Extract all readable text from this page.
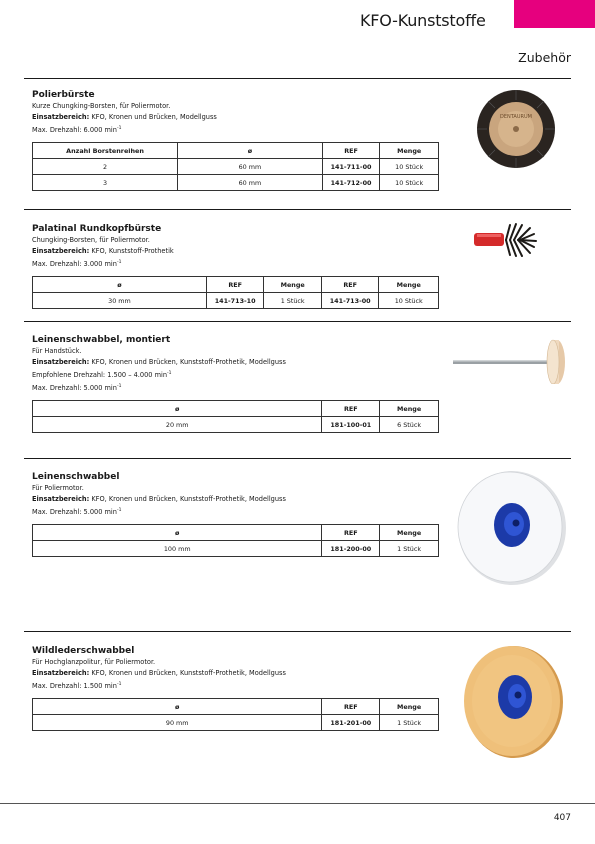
KFO-Kunststoffe
Zubehör
Polierbürste
Kurze Chungking-Borsten, für Poliermotor.
Einsatzbereich: KFO, Kronen und Brücken, Modellguss
Max. Drehzahl: 6.000 $\min^{-1}$
Anzahl Borstenreihen	ø	REF	Menge
2	60 mm	141-711-00	10 Stück
3	60 mm	141-712-00	10 Stück
DENTAURUM
Palatinal Rundkopfbürste
Chungking-Borsten, für Poliermotor.
Einsatzbereich: KFO, Kunststoff-Prothetik
Max. Drehzahl: 3.000 $\min^{-1}$
ø	REF	Menge	REF	Menge
30 mm	141-713-10	1 Stück	141-713-00	10 Stück
Leinenschwabbel, montiert
Für Handstück.
Einsatzbereich: KFO, Kronen und Brücken, Kunststoff-Prothetik, Modellguss
Empfohlene Drehzahl: 1.500 – 4.000 $\min^{-1}$
Max. Drehzahl: 5.000 $\min^{-1}$
ø	REF	Menge
20 mm	181-100-01	6 Stück
Leinenschwabbel
Für Poliermotor.
Einsatzbereich: KFO, Kronen und Brücken, Kunststoff-Prothetik, Modellguss
Max. Drehzahl: 5.000 $\min^{-1}$
ø	REF	Menge
100 mm	181-200-00	1 Stück
Wildlederschwabbel
Für Hochglanzpolitur, für Poliermotor.
Einsatzbereich: KFO, Kronen und Brücken, Kunststoff-Prothetik, Modellguss
Max. Drehzahl: 1.500 $\min^{-1}$
ø	REF	Menge
90 mm	181-201-00	1 Stück
407
